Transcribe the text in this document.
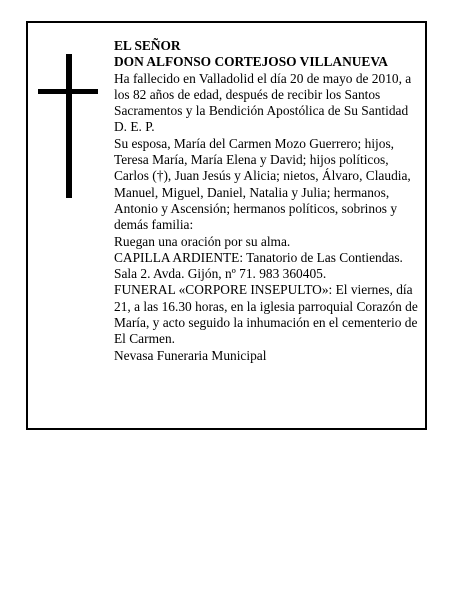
EL SEÑOR

DON ALFONSO CORTEJOSO VILLANUEVA

Ha fallecido en Valladolid el día 20 de mayo de 2010, a los 82 años de edad, después de recibir los Santos Sacramentos y la Bendición Apostólica de Su Santidad D. E. P.

Su esposa, María del Carmen Mozo Guerrero; hijos, Teresa María, María Elena y David; hijos políticos, Carlos (†), Juan Jesús y Alicia; nietos, Álvaro, Claudia, Manuel, Miguel, Daniel, Natalia y Julia; hermanos, Antonio y Ascensión; hermanos políticos, sobrinos y demás familia:

Ruegan una oración por su alma.

CAPILLA ARDIENTE: Tanatorio de Las Contiendas. Sala 2. Avda. Gijón, nº 71. 983 360405.

FUNERAL «CORPORE INSEPULTO»: El viernes, día 21, a las 16.30 horas, en la iglesia parroquial Corazón de María, y acto seguido la inhumación en el cementerio de El Carmen.

Nevasa Funeraria Municipal
